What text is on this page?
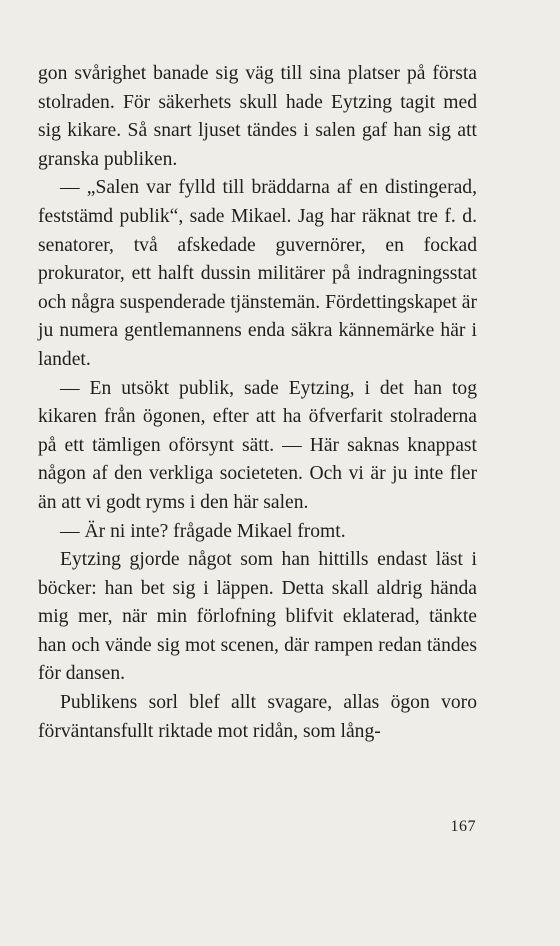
gon svårighet banade sig väg till sina platser på första stolraden. För säkerhets skull hade Eytzing tagit med sig kikare. Så snart ljuset tändes i salen gaf han sig att granska publiken.

— „Salen var fylld till bräddarna af en distingerad, feststämd publik“, sade Mikael. Jag har räknat tre f. d. senatorer, två afskedade guvernörer, en fockad prokurator, ett halft dussin militärer på indragningsstat och några suspenderade tjänstemän. Fördettingskapet är ju numera gentlemannens enda säkra kännemärke här i landet.

— En utsökt publik, sade Eytzing, i det han tog kikaren från ögonen, efter att ha öfverfarit stolraderna på ett tämligen oförsynt sätt. — Här saknas knappast någon af den verkliga societeten. Och vi är ju inte fler än att vi godt ryms i den här salen.

— Är ni inte? frågade Mikael fromt.

Eytzing gjorde något som han hittills endast läst i böcker: han bet sig i läppen. Detta skall aldrig hända mig mer, när min förlofning blifvit eklaterad, tänkte han och vände sig mot scenen, där rampen redan tändes för dansen.

Publikens sorl blef allt svagare, allas ögon voro förväntansfullt riktade mot ridån, som lång-

167
